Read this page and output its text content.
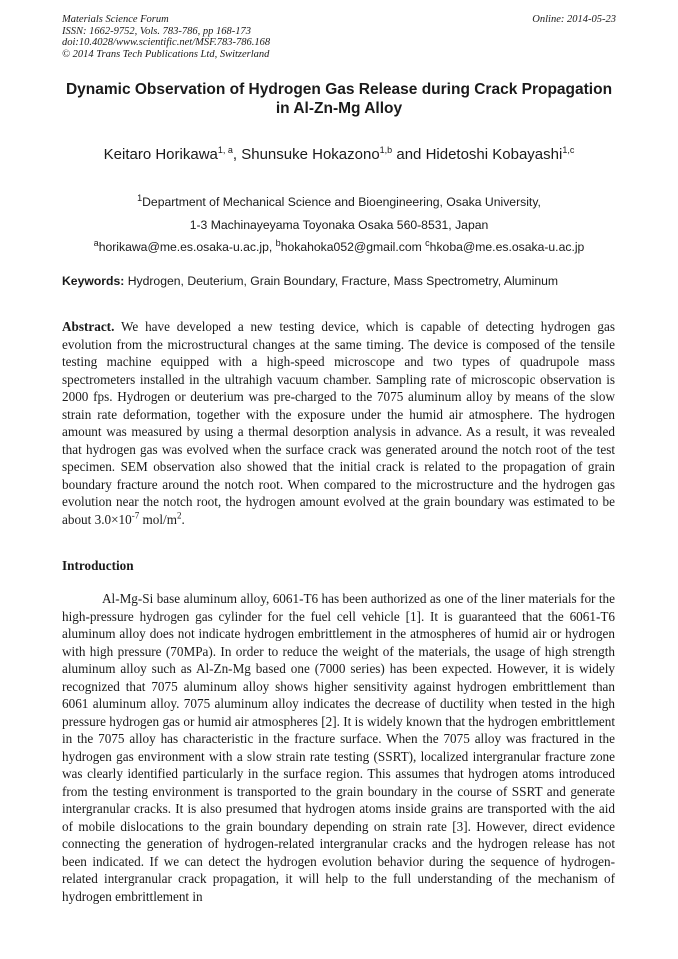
Materials Science Forum
ISSN: 1662-9752, Vols. 783-786, pp 168-173
doi:10.4028/www.scientific.net/MSF.783-786.168
© 2014 Trans Tech Publications Ltd, Switzerland
Online: 2014-05-23
Dynamic Observation of Hydrogen Gas Release during Crack Propagation in Al-Zn-Mg Alloy
Keitaro Horikawa$^{1, a}$, Shunsuke Hokazono$^{1,b}$ and Hidetoshi Kobayashi$^{1,c}$
$^1$Department of Mechanical Science and Bioengineering, Osaka University,
1-3 Machinayeyama Toyonaka Osaka 560-8531, Japan
$^a$horikawa@me.es.osaka-u.ac.jp, $^b$hokahoka052@gmail.com $^c$hkoba@me.es.osaka-u.ac.jp
Keywords: Hydrogen, Deuterium, Grain Boundary, Fracture, Mass Spectrometry, Aluminum
Abstract. We have developed a new testing device, which is capable of detecting hydrogen gas evolution from the microstructural changes at the same timing. The device is composed of the tensile testing machine equipped with a high-speed microscope and two types of quadrupole mass spectrometers installed in the ultrahigh vacuum chamber. Sampling rate of microscopic observation is 2000 fps. Hydrogen or deuterium was pre-charged to the 7075 aluminum alloy by means of the slow strain rate deformation, together with the exposure under the humid air atmosphere. The hydrogen amount was measured by using a thermal desorption analysis in advance. As a result, it was revealed that hydrogen gas was evolved when the surface crack was generated around the notch root of the test specimen. SEM observation also showed that the initial crack is related to the propagation of grain boundary fracture around the notch root. When compared to the microstructure and the hydrogen gas evolution near the notch root, the hydrogen amount evolved at the grain boundary was estimated to be about $3.0\times 10^{-7}$ mol/$m^2$.
Introduction
Al-Mg-Si base aluminum alloy, 6061-T6 has been authorized as one of the liner materials for the high-pressure hydrogen gas cylinder for the fuel cell vehicle [1]. It is guaranteed that the 6061-T6 aluminum alloy does not indicate hydrogen embrittlement in the atmospheres of humid air or hydrogen with high pressure (70MPa). In order to reduce the weight of the materials, the usage of high strength aluminum alloy such as Al-Zn-Mg based one (7000 series) has been expected. However, it is widely recognized that 7075 aluminum alloy shows higher sensitivity against hydrogen embrittlement than 6061 aluminum alloy. 7075 aluminum alloy indicates the decrease of ductility when tested in the high pressure hydrogen gas or humid air atmospheres [2]. It is widely known that the hydrogen embrittlement in the 7075 alloy has characteristic in the fracture surface. When the 7075 alloy was fractured in the hydrogen gas environment with a slow strain rate testing (SSRT), localized intergranular fracture zone was clearly identified particularly in the surface region. This assumes that hydrogen atoms introduced from the testing environment is transported to the grain boundary in the course of SSRT and generate intergranular cracks. It is also presumed that hydrogen atoms inside grains are transported with the aid of mobile dislocations to the grain boundary depending on strain rate [3]. However, direct evidence connecting the generation of hydrogen-related intergranular cracks and the hydrogen release has not been indicated. If we can detect the hydrogen evolution behavior during the sequence of hydrogen-related intergranular crack propagation, it will help to the full understanding of the mechanism of hydrogen embrittlement in
